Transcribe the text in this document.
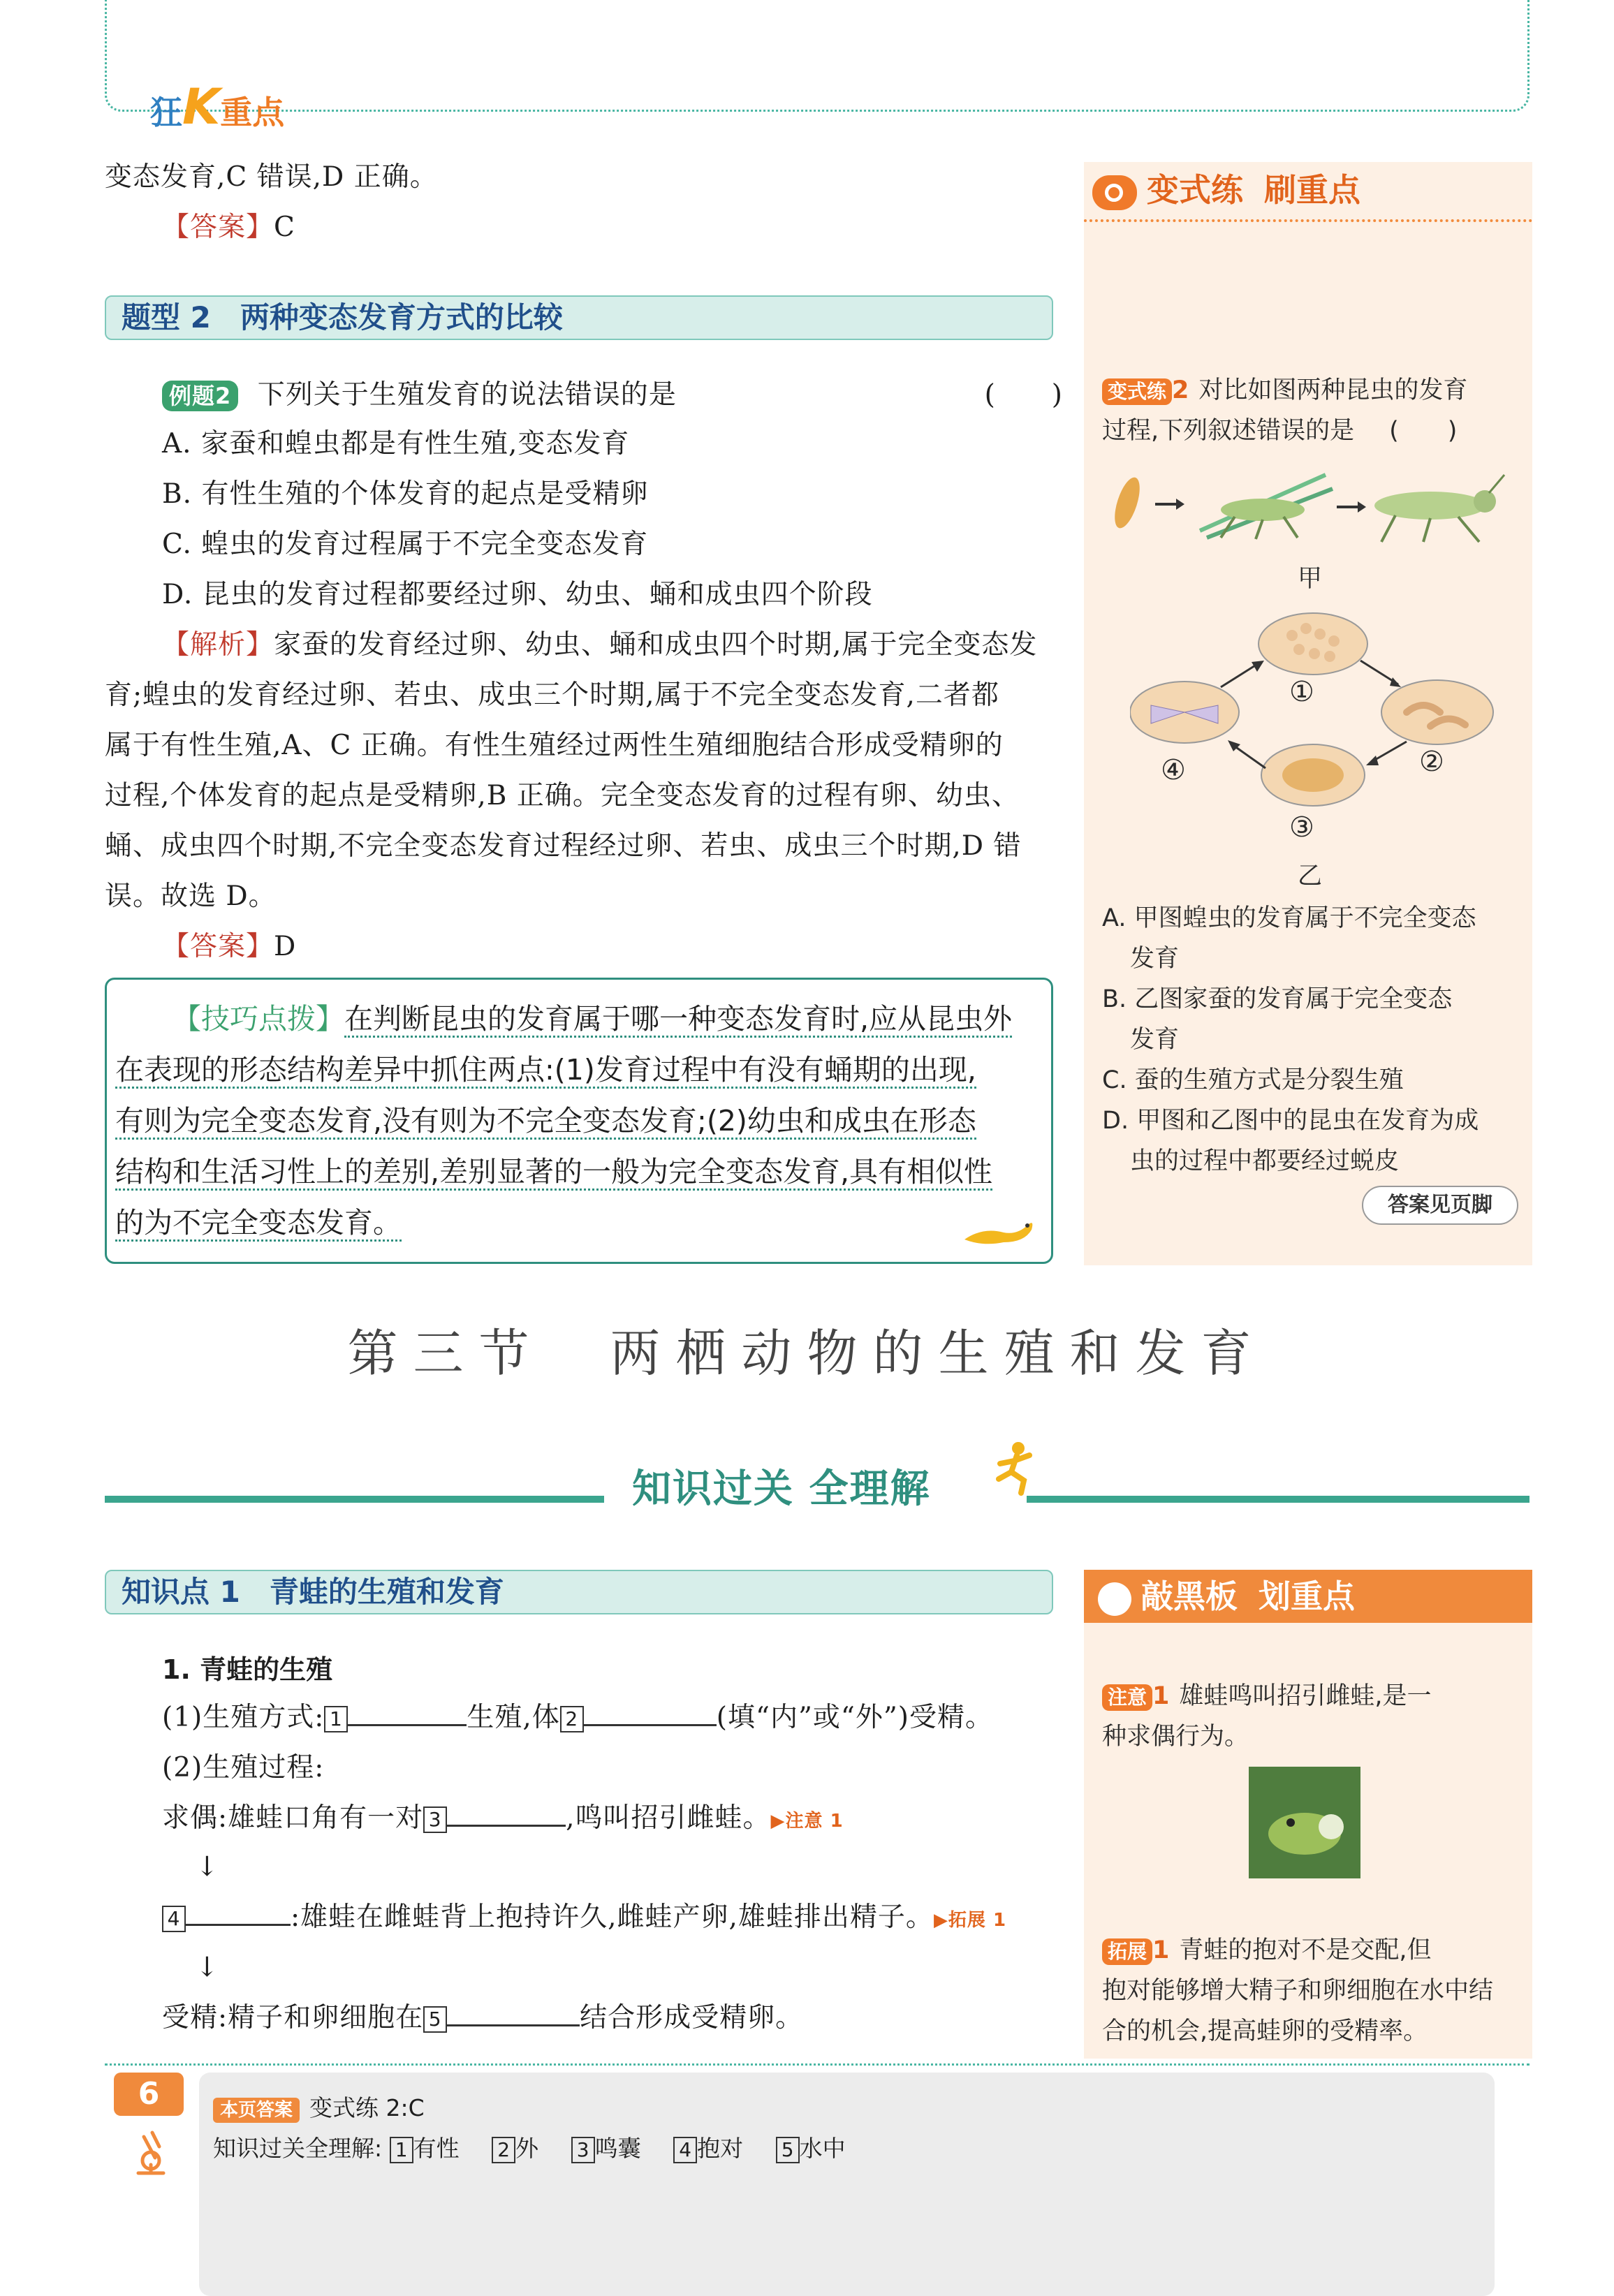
狂K重点
变态发育,C 错误,D 正确。
【答案】C
题型 2　两种变态发育方式的比较
例题2 下列关于生殖发育的说法错误的是	(　　)
A. 家蚕和蝗虫都是有性生殖,变态发育
B. 有性生殖的个体发育的起点是受精卵
C. 蝗虫的发育过程属于不完全变态发育
D. 昆虫的发育过程都要经过卵、幼虫、蛹和成虫四个阶段
【解析】家蚕的发育经过卵、幼虫、蛹和成虫四个时期,属于完全变态发
育;蝗虫的发育经过卵、若虫、成虫三个时期,属于不完全变态发育,二者都
属于有性生殖,A、C 正确。有性生殖经过两性生殖细胞结合形成受精卵的
过程,个体发育的起点是受精卵,B 正确。完全变态发育的过程有卵、幼虫、
蛹、成虫四个时期,不完全变态发育过程经过卵、若虫、成虫三个时期,D 错
误。故选 D。
【答案】D

【技巧点拨】在判断昆虫的发育属于哪一种变态发育时,应从昆虫外

在表现的形态结构差异中抓住两点:(1)发育过程中有没有蛹期的出现,

有则为完全变态发育,没有则为不完全变态发育;(2)幼虫和成虫在形态

结构和生活习性上的差别,差别显著的一般为完全变态发育,具有相似性

的为不完全变态发育。

变式练 刷重点
变式练 2 对比如图两种昆虫的发育
过程,下列叙述错误的是 (　　)
甲
①
②
③
④
乙
A. 甲图蝗虫的发育属于不完全变态
发育
B. 乙图家蚕的发育属于完全变态
发育
C. 蚕的生殖方式是分裂生殖
D. 甲图和乙图中的昆虫在发育为成
虫的过程中都要经过蜕皮
答案见页脚
第三节　两栖动物的生殖和发育
知识过关 全理解
知识点 1　青蛙的生殖和发育
1. 青蛙的生殖
(1)生殖方式: 1	生殖,体 2	(填“内”或“外”)受精。
(2)生殖过程:
求偶:雄蛙口角有一对 3	,鸣叫招引雌蛙。▶注意 1
↓
4	:雄蛙在雌蛙背上抱持许久,雌蛙产卵,雄蛙排出精子。▶拓展 1
↓
受精:精子和卵细胞在 5	结合形成受精卵。
敲黑板 划重点
注意 1 雄蛙鸣叫招引雌蛙,是一
种求偶行为。
拓展 1 青蛙的抱对不是交配,但
抱对能够增大精子和卵细胞在水中结
合的机会,提高蛙卵的受精率。
6	本页答案 变式练 2:C
知识过关全理解: 1 有性 2 外 3 鸣囊 4 抱对 5 水中
